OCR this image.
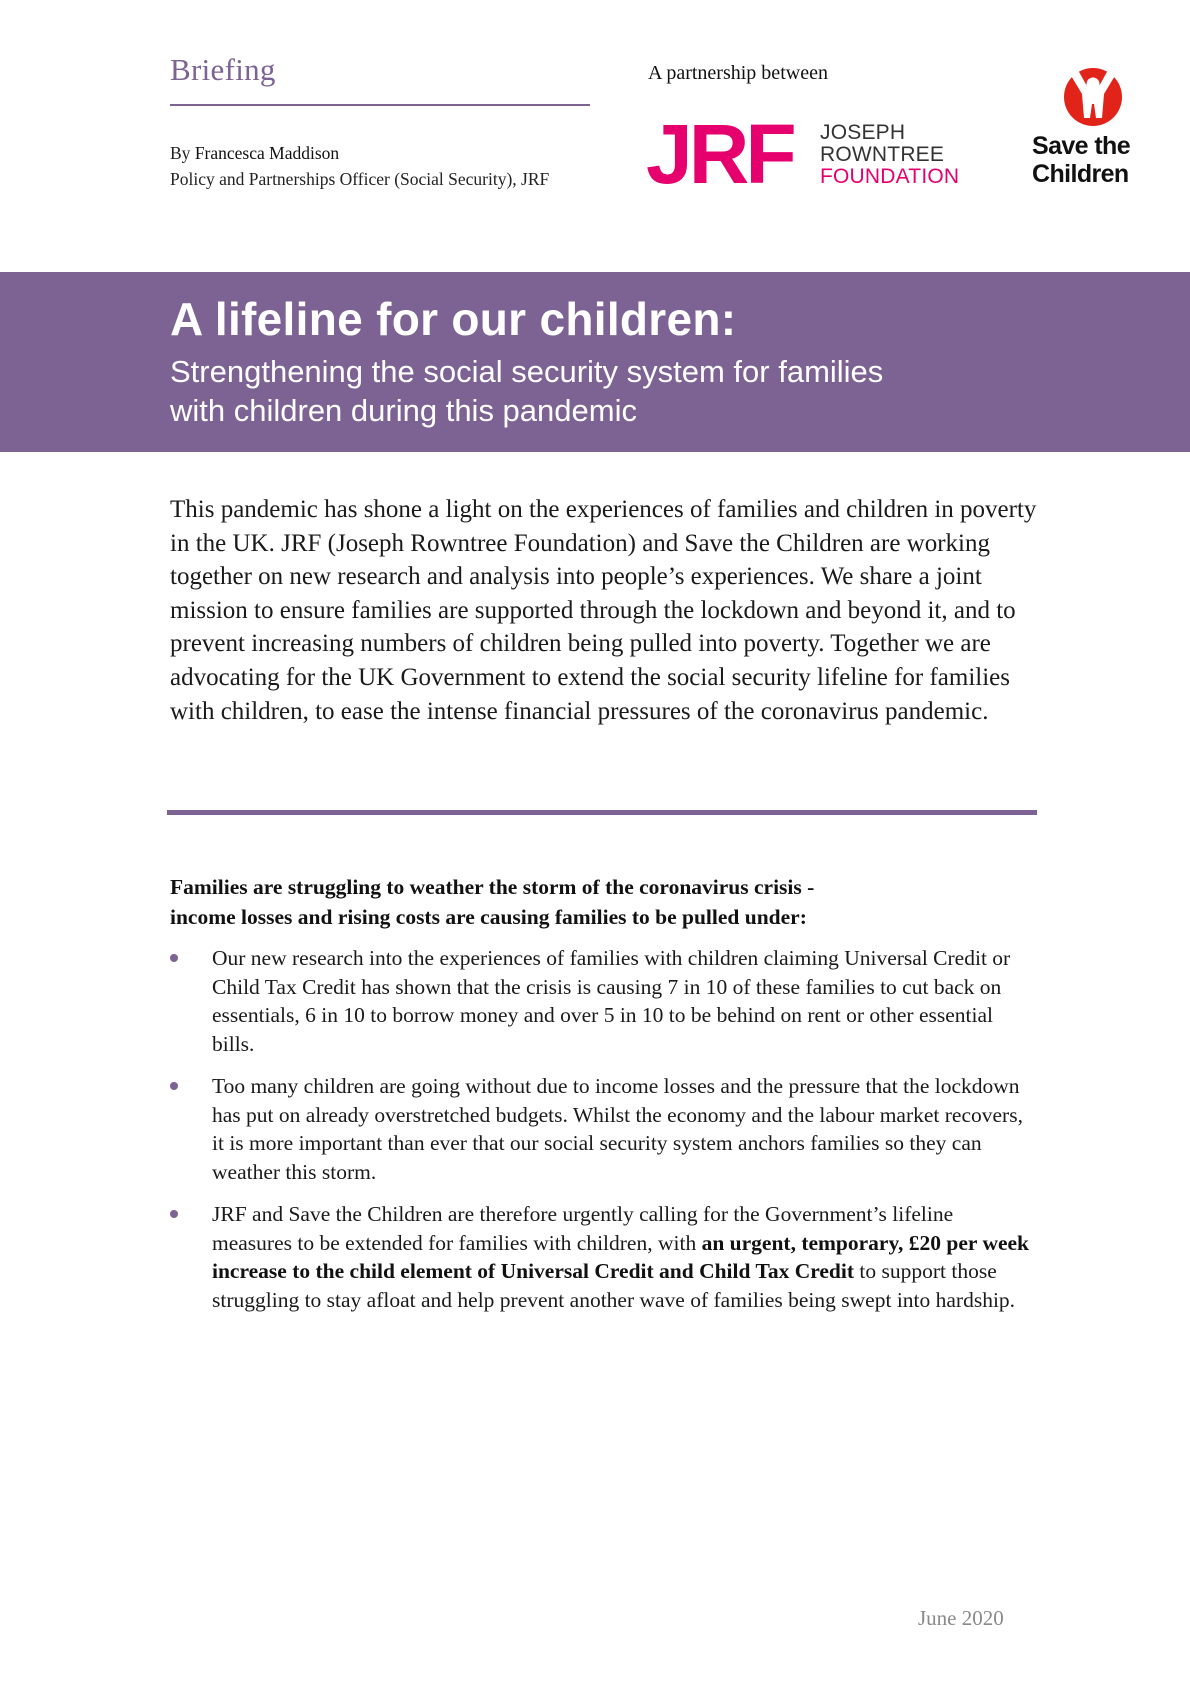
Briefing
By Francesca Maddison
Policy and Partnerships Officer (Social Security), JRF
A partnership between
JRF JOSEPH
ROWNTREE
FOUNDATION
Save the
Children
A lifeline for our children:
Strengthening the social security system for families
with children during this pandemic
This pandemic has shone a light on the experiences of families and children in poverty in the UK. JRF (Joseph Rowntree Foundation) and Save the Children are working together on new research and analysis into people’s experiences. We share a joint mission to ensure families are supported through the lockdown and beyond it, and to prevent increasing numbers of children being pulled into poverty. Together we are advocating for the UK Government to extend the social security lifeline for families with children, to ease the intense financial pressures of the coronavirus pandemic.
Families are struggling to weather the storm of the coronavirus crisis -
income losses and rising costs are causing families to be pulled under:
Our new research into the experiences of families with children claiming Universal Credit or Child Tax Credit has shown that the crisis is causing 7 in 10 of these families to cut back on essentials, 6 in 10 to borrow money and over 5 in 10 to be behind on rent or other essential bills.
Too many children are going without due to income losses and the pressure that the lockdown has put on already overstretched budgets. Whilst the economy and the labour market recovers, it is more important than ever that our social security system anchors families so they can weather this storm.
JRF and Save the Children are therefore urgently calling for the Government’s lifeline measures to be extended for families with children, with an urgent, temporary, £20 per week increase to the child element of Universal Credit and Child Tax Credit to support those struggling to stay afloat and help prevent another wave of families being swept into hardship.
June 2020
